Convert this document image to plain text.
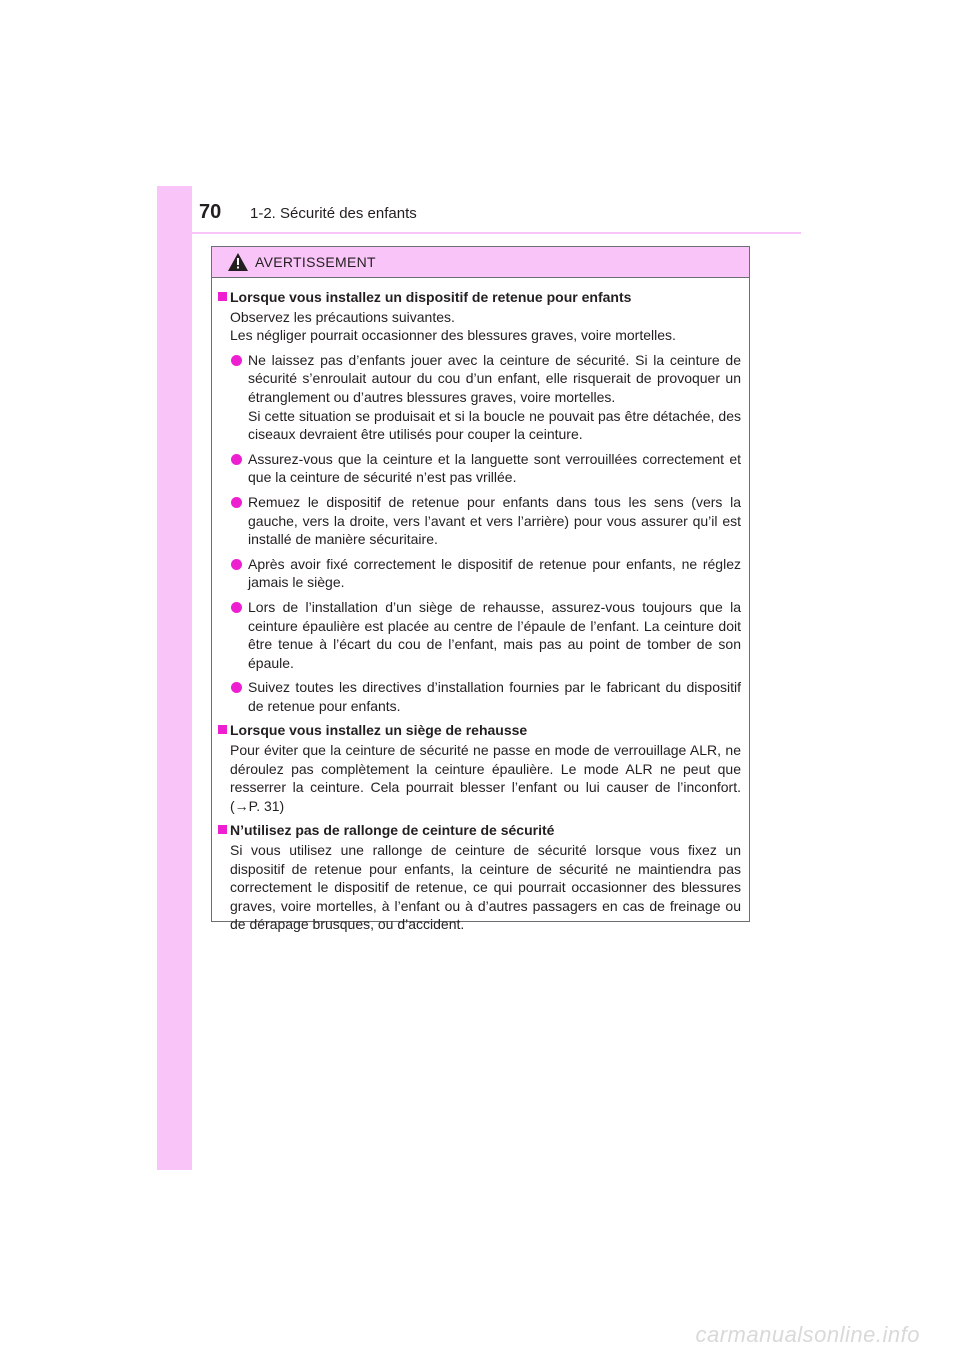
70 1-2. Sécurité des enfants
AVERTISSEMENT
Lorsque vous installez un dispositif de retenue pour enfants
Observez les précautions suivantes.
Les négliger pourrait occasionner des blessures graves, voire mortelles.
Ne laissez pas d’enfants jouer avec la ceinture de sécurité. Si la ceinture de sécurité s’enroulait autour du cou d’un enfant, elle risquerait de provoquer un étranglement ou d’autres blessures graves, voire mortelles.
Si cette situation se produisait et si la boucle ne pouvait pas être détachée, des ciseaux devraient être utilisés pour couper la ceinture.
Assurez-vous que la ceinture et la languette sont verrouillées correctement et que la ceinture de sécurité n’est pas vrillée.
Remuez le dispositif de retenue pour enfants dans tous les sens (vers la gauche, vers la droite, vers l’avant et vers l’arrière) pour vous assurer qu’il est installé de manière sécuritaire.
Après avoir fixé correctement le dispositif de retenue pour enfants, ne réglez jamais le siège.
Lors de l’installation d’un siège de rehausse, assurez-vous toujours que la ceinture épaulière est placée au centre de l’épaule de l’enfant. La ceinture doit être tenue à l’écart du cou de l’enfant, mais pas au point de tomber de son épaule.
Suivez toutes les directives d’installation fournies par le fabricant du dispositif de retenue pour enfants.
Lorsque vous installez un siège de rehausse
Pour éviter que la ceinture de sécurité ne passe en mode de verrouillage ALR, ne déroulez pas complètement la ceinture épaulière. Le mode ALR ne peut que resserrer la ceinture. Cela pourrait blesser l’enfant ou lui causer de l’inconfort. (→P. 31)
N’utilisez pas de rallonge de ceinture de sécurité
Si vous utilisez une rallonge de ceinture de sécurité lorsque vous fixez un dispositif de retenue pour enfants, la ceinture de sécurité ne maintiendra pas correctement le dispositif de retenue, ce qui pourrait occasionner des blessures graves, voire mortelles, à l’enfant ou à d’autres passagers en cas de freinage ou de dérapage brusques, ou d’accident.
carmanualsonline.info
